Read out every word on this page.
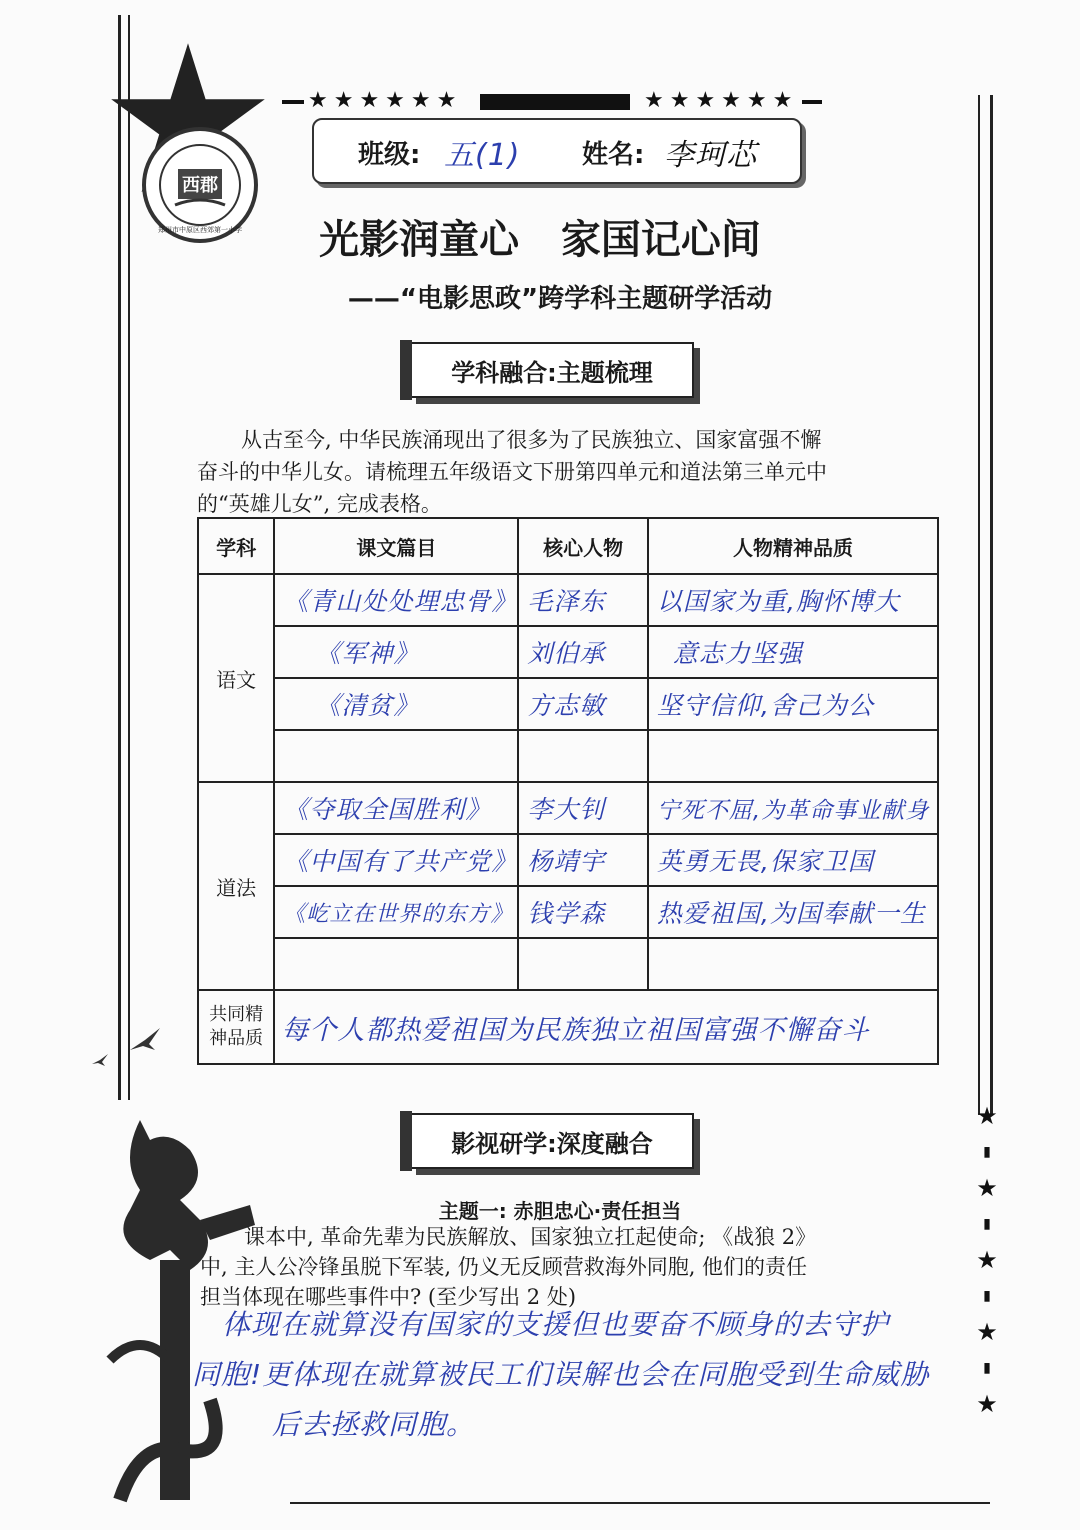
西郡
郑州市中原区西郊第一小学
★★★★★★	★★★★★★
班级: 五(1) 姓名: 李珂芯
光影润童心   家国记心间
——“电影思政”跨学科主题研学活动
学科融合:主题梳理
从古至今, 中华民族涌现出了很多为了民族独立、国家富强不懈
奋斗的中华儿女。请梳理五年级语文下册第四单元和道法第三单元中
的“英雄儿女”, 完成表格。
学科	课文篇目	核心人物	人物精神品质
语文	《青山处处埋忠骨》	毛泽东	以国家为重,胸怀博大
	《军神》	刘伯承	意志力坚强
	《清贫》	方志敏	坚守信仰,舍己为公

道法	《夺取全国胜利》	李大钊	宁死不屈,为革命事业献身
	《中国有了共产党》	杨靖宇	英勇无畏,保家卫国
	《屹立在世界的东方》	钱学森	热爱祖国,为国奉献一生

共同精
神品质	每个人都热爱祖国为民族独立祖国富强不懈奋斗		
★
▮
★
▮
★
▮
★
▮
★
影视研学:深度融合
主题一: 赤胆忠心·责任担当
课本中, 革命先辈为民族解放、国家独立扛起使命; 《战狼 2》
中, 主人公冷锋虽脱下军装, 仍义无反顾营救海外同胞, 他们的责任
担当体现在哪些事件中? (至少写出 2 处)
体现在就算没有国家的支援但也要奋不顾身的去守护
同胞!更体现在就算被民工们误解也会在同胞受到生命威胁
后去拯救同胞。
